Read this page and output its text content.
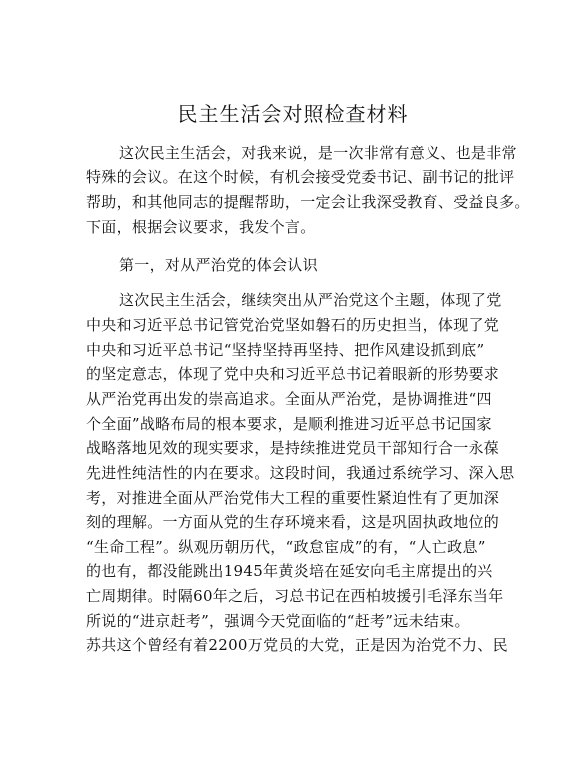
民主生活会对照检查材料
这次民主生活会，对我来说，是一次非常有意义、也是非常
特殊的会议。在这个时候，有机会接受党委书记、副书记的批评
帮助，和其他同志的提醒帮助，一定会让我深受教育、受益良多。
下面，根据会议要求，我发个言。
第一，对从严治党的体会认识
这次民主生活会，继续突出从严治党这个主题，体现了党
中央和习近平总书记管党治党坚如磐石的历史担当，体现了党
中央和习近平总书记“坚持坚持再坚持、把作风建设抓到底”
的坚定意志，体现了党中央和习近平总书记着眼新的形势要求
从严治党再出发的崇高追求。全面从严治党，是协调推进“四
个全面”战略布局的根本要求，是顺利推进习近平总书记国家
战略落地见效的现实要求，是持续推进党员干部知行合一永葆
先进性纯洁性的内在要求。这段时间，我通过系统学习、深入思
考，对推进全面从严治党伟大工程的重要性紧迫性有了更加深
刻的理解。一方面从党的生存环境来看，这是巩固执政地位的
“生命工程”。纵观历朝历代，“政怠宦成”的有，“人亡政息”
的也有，都没能跳出1945年黄炎培在延安向毛主席提出的兴
亡周期律。时隔60年之后，习总书记在西柏坡援引毛泽东当年
所说的“进京赶考”，强调今天党面临的“赶考”远未结束。
苏共这个曾经有着2200万党员的大党，正是因为治党不力、民
